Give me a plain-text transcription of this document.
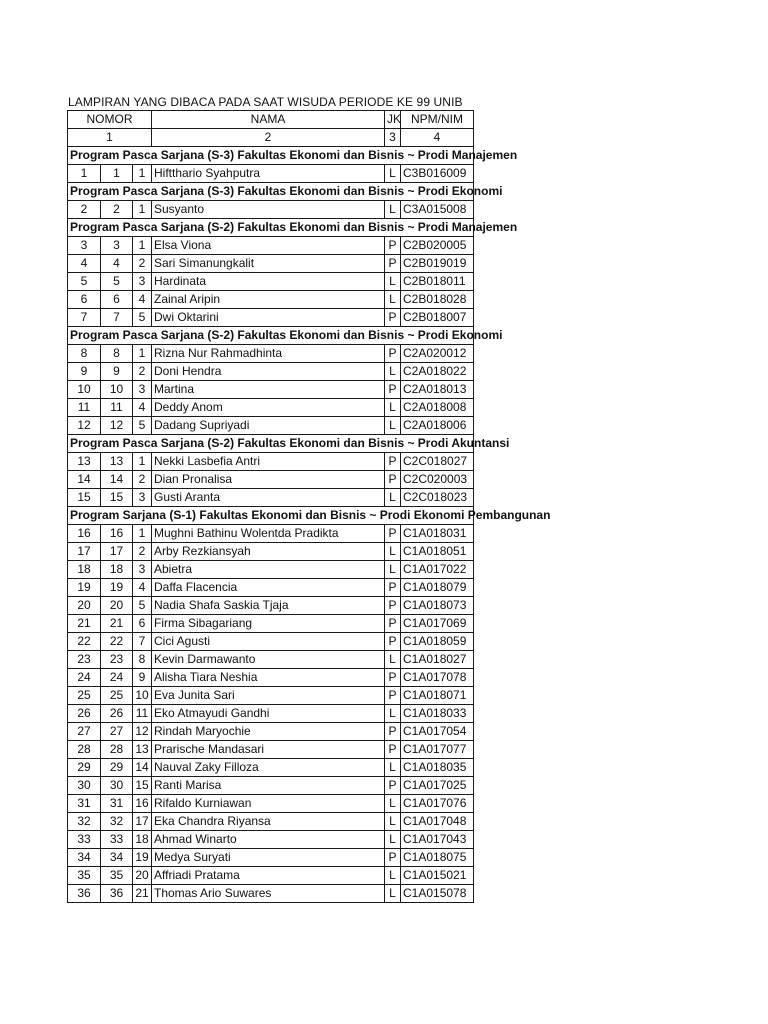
LAMPIRAN YANG DIBACA PADA SAAT WISUDA PERIODE KE 99 UNIB
NOMOR			NAMA	JK	NPM/NIM
1			2	3	4
Program Pasca Sarjana (S-3) Fakultas Ekonomi dan Bisnis ~ Prodi Manajemen					
1	1	1	Hiftthario Syahputra	L	C3B016009
Program Pasca Sarjana (S-3) Fakultas Ekonomi dan Bisnis ~ Prodi Ekonomi					
2	2	1	Susyanto	L	C3A015008
Program Pasca Sarjana (S-2) Fakultas Ekonomi dan Bisnis ~ Prodi Manajemen					
3	3	1	Elsa Viona	P	C2B020005
4	4	2	Sari Simanungkalit	P	C2B019019
5	5	3	Hardinata	L	C2B018011
6	6	4	Zainal Aripin	L	C2B018028
7	7	5	Dwi Oktarini	P	C2B018007
Program Pasca Sarjana (S-2) Fakultas Ekonomi dan Bisnis ~ Prodi Ekonomi					
8	8	1	Rizna Nur Rahmadhinta	P	C2A020012
9	9	2	Doni Hendra	L	C2A018022
10	10	3	Martina	P	C2A018013
11	11	4	Deddy Anom	L	C2A018008
12	12	5	Dadang Supriyadi	L	C2A018006
Program Pasca Sarjana (S-2) Fakultas Ekonomi dan Bisnis ~ Prodi Akuntansi					
13	13	1	Nekki Lasbefia Antri	P	C2C018027
14	14	2	Dian Pronalisa	P	C2C020003
15	15	3	Gusti Aranta	L	C2C018023
Program Sarjana (S-1) Fakultas Ekonomi dan Bisnis ~ Prodi Ekonomi Pembangunan					
16	16	1	Mughni Bathinu Wolentda Pradikta	P	C1A018031
17	17	2	Arby Rezkiansyah	L	C1A018051
18	18	3	Abietra	L	C1A017022
19	19	4	Daffa Flacencia	P	C1A018079
20	20	5	Nadia Shafa Saskia Tjaja	P	C1A018073
21	21	6	Firma Sibagariang	P	C1A017069
22	22	7	Cici Agusti	P	C1A018059
23	23	8	Kevin Darmawanto	L	C1A018027
24	24	9	Alisha Tiara Neshia	P	C1A017078
25	25	10	Eva Junita Sari	P	C1A018071
26	26	11	Eko Atmayudi Gandhi	L	C1A018033
27	27	12	Rindah Maryochie	P	C1A017054
28	28	13	Prarische Mandasari	P	C1A017077
29	29	14	Nauval Zaky Filloza	L	C1A018035
30	30	15	Ranti Marisa	P	C1A017025
31	31	16	Rifaldo Kurniawan	L	C1A017076
32	32	17	Eka Chandra Riyansa	L	C1A017048
33	33	18	Ahmad Winarto	L	C1A017043
34	34	19	Medya Suryati	P	C1A018075
35	35	20	Affriadi Pratama	L	C1A015021
36	36	21	Thomas Ario Suwares	L	C1A015078
